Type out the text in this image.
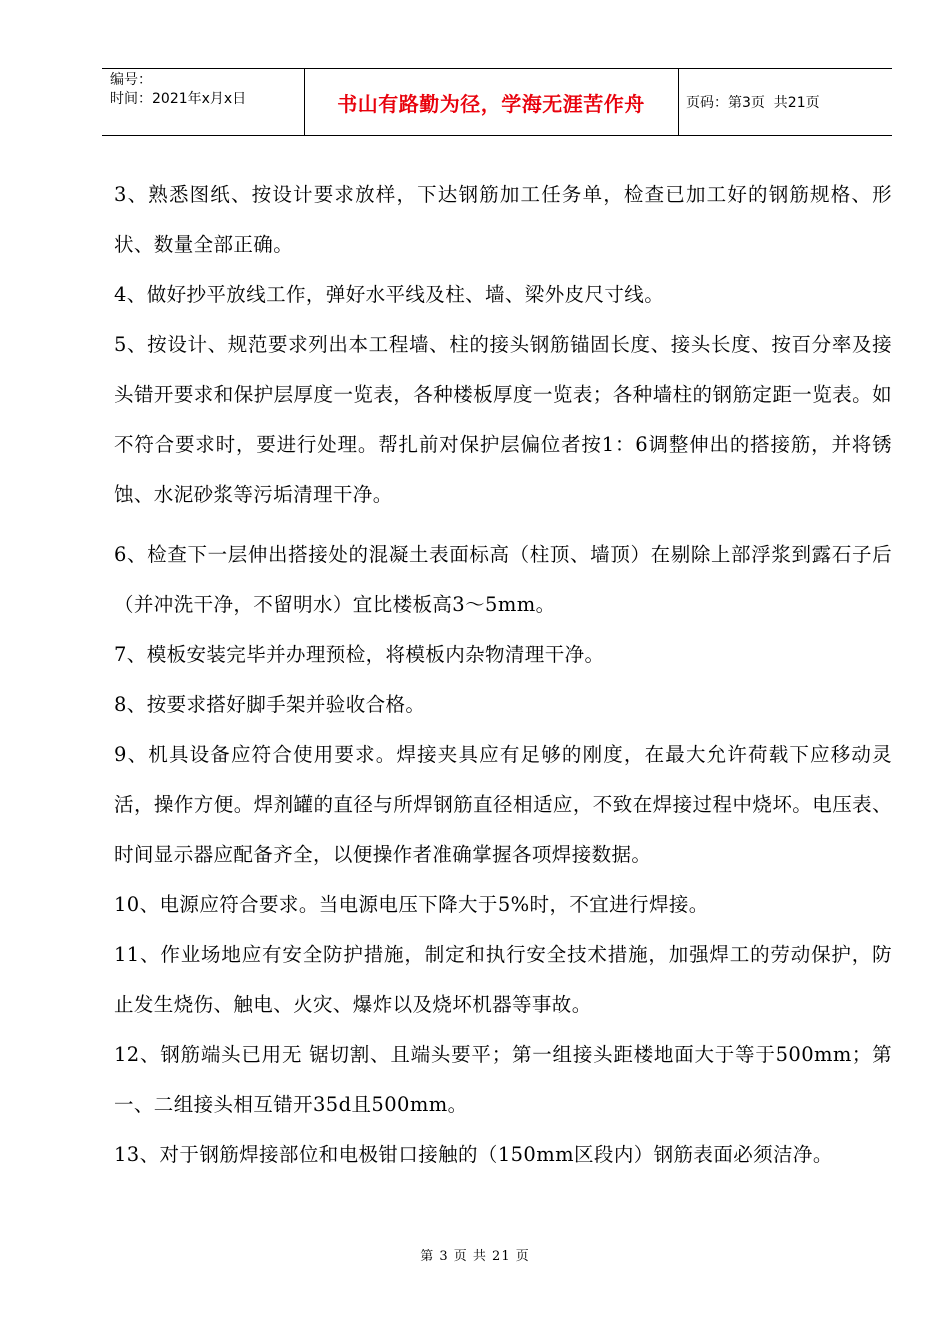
编号：
时间：2021年x月x日	书山有路勤为径，学海无涯苦作舟	页码：第3页  共21页

3、熟悉图纸、按设计要求放样，下达钢筋加工任务单，检查已加工好的钢筋规格、形状、数量全部正确。

4、做好抄平放线工作，弹好水平线及柱、墙、梁外皮尺寸线。

5、按设计、规范要求列出本工程墙、柱的接头钢筋锚固长度、接头长度、按百分率及接头错开要求和保护层厚度一览表，各种楼板厚度一览表；各种墙柱的钢筋定距一览表。如不符合要求时，要进行处理。帮扎前对保护层偏位者按1：6调整伸出的搭接筋，并将锈蚀、水泥砂浆等污垢清理干净。

6、检查下一层伸出搭接处的混凝土表面标高（柱顶、墙顶）在剔除上部浮浆到露石子后（并冲洗干净，不留明水）宜比楼板高3～5mm。

7、模板安装完毕并办理预检，将模板内杂物清理干净。

8、按要求搭好脚手架并验收合格。

9、机具设备应符合使用要求。焊接夹具应有足够的刚度，在最大允许荷载下应移动灵活，操作方便。焊剂罐的直径与所焊钢筋直径相适应，不致在焊接过程中烧坏。电压表、时间显示器应配备齐全，以便操作者准确掌握各项焊接数据。

10、电源应符合要求。当电源电压下降大于5%时，不宜进行焊接。

11、作业场地应有安全防护措施，制定和执行安全技术措施，加强焊工的劳动保护，防止发生烧伤、触电、火灾、爆炸以及烧坏机器等事故。

12、钢筋端头已用无 锯切割、且端头要平；第一组接头距楼地面大于等于500mm；第一、二组接头相互错开35d且500mm。

13、对于钢筋焊接部位和电极钳口接触的（150mm区段内）钢筋表面必须洁净。

第 3 页 共 21 页
